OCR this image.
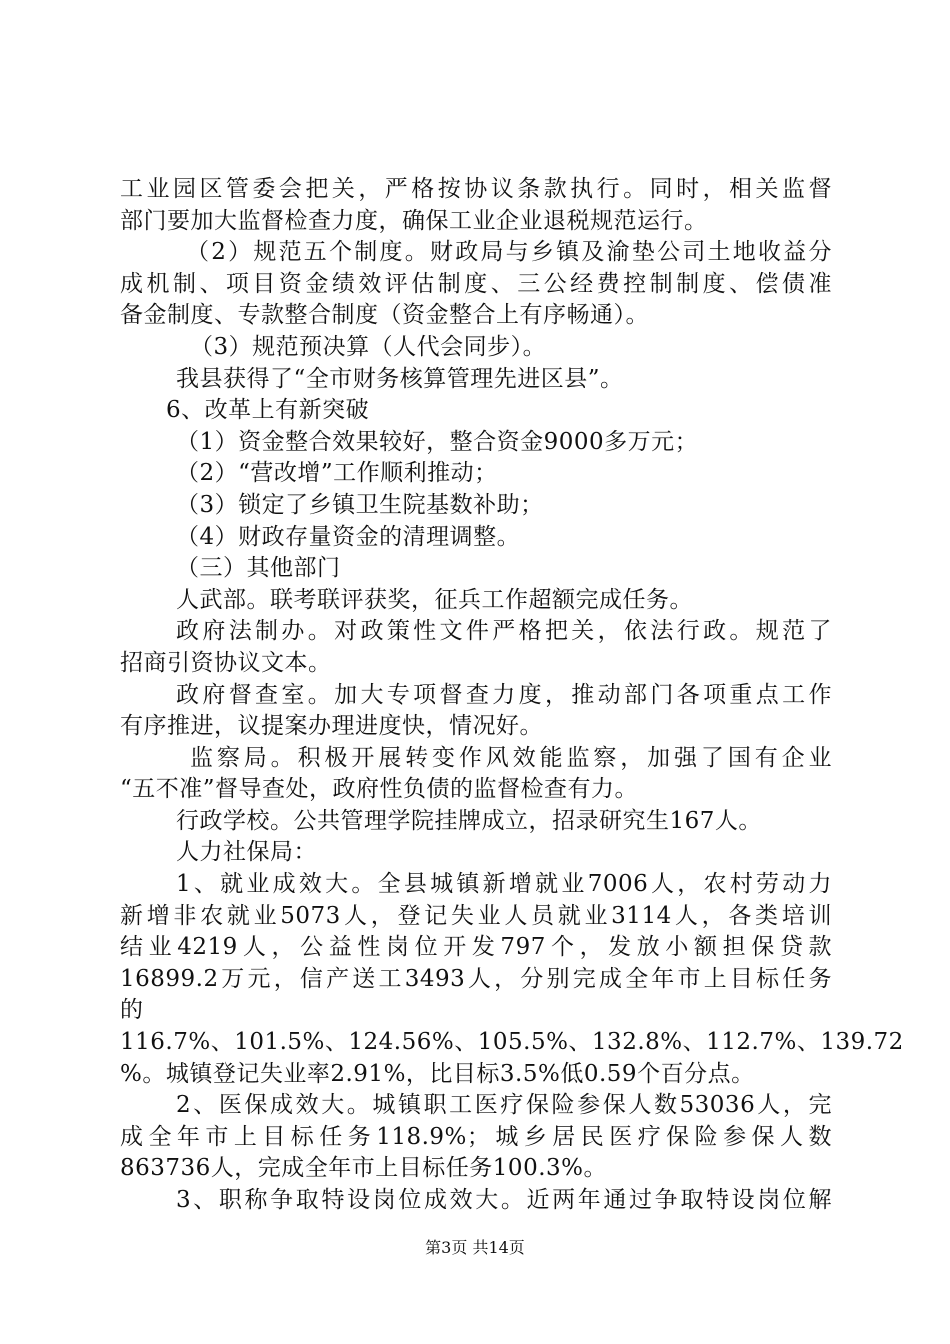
工业园区管委会把关，严格按协议条款执行。同时，相关监督
部门要加大监督检查力度，确保工业企业退税规范运行。
（2）规范五个制度。财政局与乡镇及渝垫公司土地收益分
成机制、项目资金绩效评估制度、三公经费控制制度、偿债准
备金制度、专款整合制度（资金整合上有序畅通）。
（3）规范预决算（人代会同步）。
我县获得了“全市财务核算管理先进区县”。
6、改革上有新突破
（1）资金整合效果较好，整合资金9000多万元；
（2）“营改增”工作顺利推动；
（3）锁定了乡镇卫生院基数补助；
（4）财政存量资金的清理调整。
（三）其他部门
人武部。联考联评获奖，征兵工作超额完成任务。
政府法制办。对政策性文件严格把关，依法行政。规范了
招商引资协议文本。
政府督查室。加大专项督查力度，推动部门各项重点工作
有序推进，议提案办理进度快，情况好。
监察局。积极开展转变作风效能监察，加强了国有企业
“五不准”督导查处，政府性负债的监督检查有力。
行政学校。公共管理学院挂牌成立，招录研究生167人。
人力社保局：
1、就业成效大。全县城镇新增就业7006人，农村劳动力
新增非农就业5073人，登记失业人员就业3114人，各类培训
结业4219人，公益性岗位开发797个，发放小额担保贷款
16899.2万元，信产送工3493人，分别完成全年市上目标任务
的
116.7%、101.5%、124.56%、105.5%、132.8%、112.7%、139.72
%。城镇登记失业率2.91%，比目标3.5%低0.59个百分点。
2、医保成效大。城镇职工医疗保险参保人数53036人，完
成全年市上目标任务118.9%；城乡居民医疗保险参保人数
863736人，完成全年市上目标任务100.3%。
3、职称争取特设岗位成效大。近两年通过争取特设岗位解
第3页 共14页
